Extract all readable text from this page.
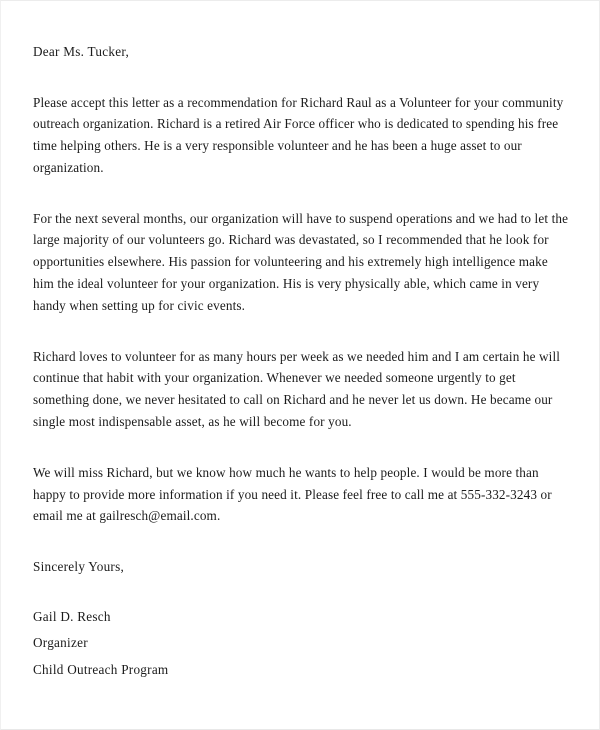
Dear Ms. Tucker,

Please accept this letter as a recommendation for Richard Raul as a Volunteer for your community outreach organization. Richard is a retired Air Force officer who is dedicated to spending his free time helping others. He is a very responsible volunteer and he has been a huge asset to our organization.

For the next several months, our organization will have to suspend operations and we had to let the large majority of our volunteers go. Richard was devastated, so I recommended that he look for opportunities elsewhere. His passion for volunteering and his extremely high intelligence make him the ideal volunteer for your organization. His is very physically able, which came in very handy when setting up for civic events.

Richard loves to volunteer for as many hours per week as we needed him and I am certain he will continue that habit with your organization. Whenever we needed someone urgently to get something done, we never hesitated to call on Richard and he never let us down. He became our single most indispensable asset, as he will become for you.

We will miss Richard, but we know how much he wants to help people. I would be more than happy to provide more information if you need it. Please feel free to call me at 555-332-3243 or email me at gailresch@email.com.

Sincerely Yours,

Gail D. Resch

Organizer

Child Outreach Program
